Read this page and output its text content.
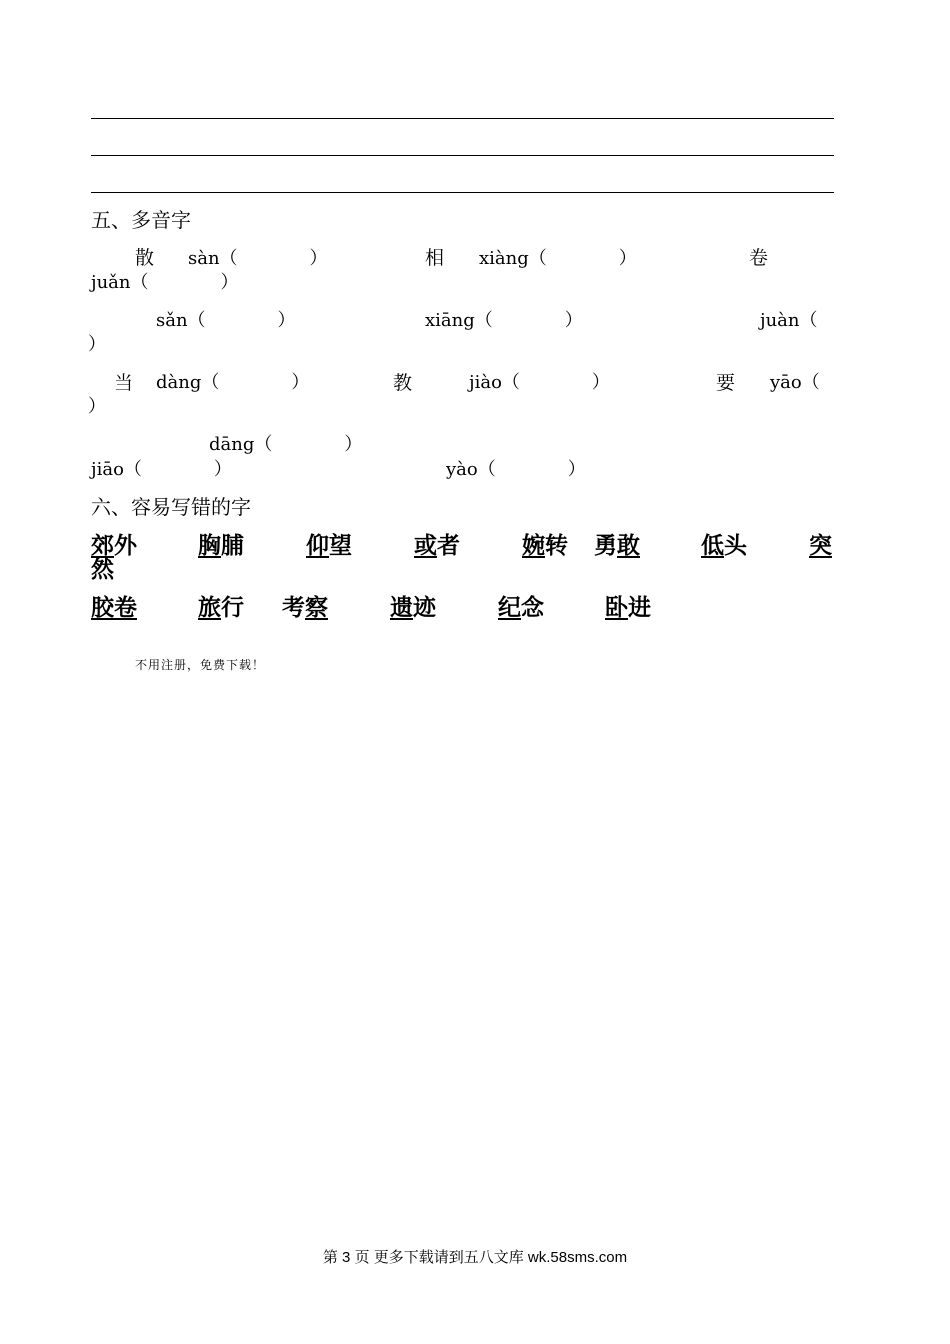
五、多音字
散 sàn（　　　　）	相 xiàng（　　　　）	卷
juǎn（　　　　）
sǎn（　　　　）	xiāng（　　　　）	juàn（
）
当 dàng（　　　　）	教	jiào（　　　　）	要 yāo（
）
dāng（　　　　）
jiāo（　　　　）	yào（　　　　）
六、容易写错的字
郊外	胸脯	仰望	或者	婉转 勇敢	低头	突
然
胶卷	旅行 考察	遗迹	纪念	卧进
不用注册，免费下载！
第 3 页 更多下载请到五八文库 wk.58sms.com
